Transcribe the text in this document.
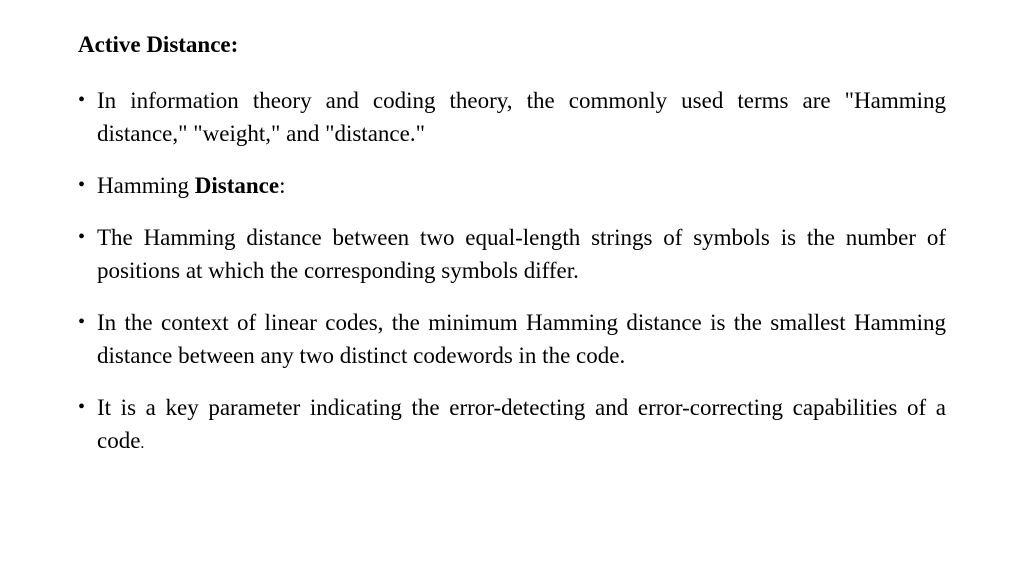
Active Distance:
• In information theory and coding theory, the commonly used terms are "Hamming distance," "weight," and "distance."
• Hamming Distance:
• The Hamming distance between two equal-length strings of symbols is the number of positions at which the corresponding symbols differ.
• In the context of linear codes, the minimum Hamming distance is the smallest Hamming distance between any two distinct codewords in the code.
• It is a key parameter indicating the error-detecting and error-correcting capabilities of a code.
